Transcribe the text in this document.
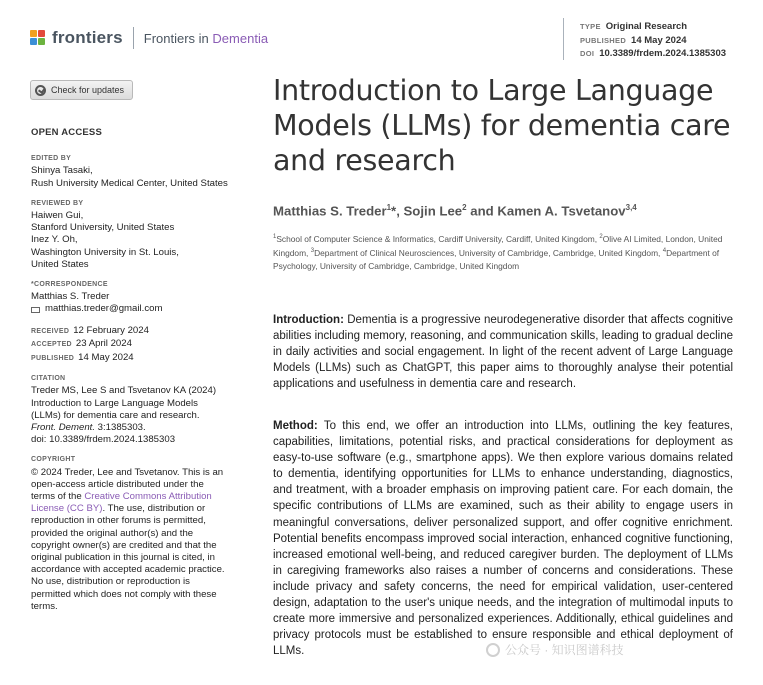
frontiers Frontiers in Dementia
TYPE Original Research
PUBLISHED 14 May 2024
DOI 10.3389/frdem.2024.1385303
Check for updates
OPEN ACCESS
EDITED BY
Shinya Tasaki,
Rush University Medical Center, United States
REVIEWED BY
Haiwen Gui,
Stanford University, United States
Inez Y. Oh,
Washington University in St. Louis,
United States
*CORRESPONDENCE
Matthias S. Treder
matthias.treder@gmail.com
RECEIVED 12 February 2024
ACCEPTED 23 April 2024
PUBLISHED 14 May 2024
CITATION
Treder MS, Lee S and Tsvetanov KA (2024)
Introduction to Large Language Models
(LLMs) for dementia care and research.
Front. Dement. 3:1385303.
doi: 10.3389/frdem.2024.1385303
COPYRIGHT
© 2024 Treder, Lee and Tsvetanov. This is an
open-access article distributed under the
terms of the Creative Commons Attribution
License (CC BY). The use, distribution or
reproduction in other forums is permitted,
provided the original author(s) and the
copyright owner(s) are credited and that the
original publication in this journal is cited, in
accordance with accepted academic practice.
No use, distribution or reproduction is
permitted which does not comply with these
terms.
Introduction to Large Language Models (LLMs) for dementia care and research
Matthias S. Treder$^1$*, Sojin Lee$^2$ and Kamen A. Tsvetanov$^{3,4}$
$^1$School of Computer Science & Informatics, Cardiff University, Cardiff, United Kingdom, $^2$Olive AI Limited, London, United Kingdom, $^3$Department of Clinical Neurosciences, University of Cambridge, Cambridge, United Kingdom, $^4$Department of Psychology, University of Cambridge, Cambridge, United Kingdom
Introduction: Dementia is a progressive neurodegenerative disorder that affects cognitive abilities including memory, reasoning, and communication skills, leading to gradual decline in daily activities and social engagement. In light of the recent advent of Large Language Models (LLMs) such as ChatGPT, this paper aims to thoroughly analyse their potential applications and usefulness in dementia care and research.
Method: To this end, we offer an introduction into LLMs, outlining the key features, capabilities, limitations, potential risks, and practical considerations for deployment as easy-to-use software (e.g., smartphone apps). We then explore various domains related to dementia, identifying opportunities for LLMs to enhance understanding, diagnostics, and treatment, with a broader emphasis on improving patient care. For each domain, the specific contributions of LLMs are examined, such as their ability to engage users in meaningful conversations, deliver personalized support, and offer cognitive enrichment. Potential benefits encompass improved social interaction, enhanced cognitive functioning, increased emotional well-being, and reduced caregiver burden. The deployment of LLMs in caregiving frameworks also raises a number of concerns and considerations. These include privacy and safety concerns, the need for empirical validation, user-centered design, adaptation to the user's unique needs, and the integration of multimodal inputs to create more immersive and personalized experiences. Additionally, ethical guidelines and privacy protocols must be established to ensure responsible and ethical deployment of LLMs.	公众号 · 知识图谱科技
